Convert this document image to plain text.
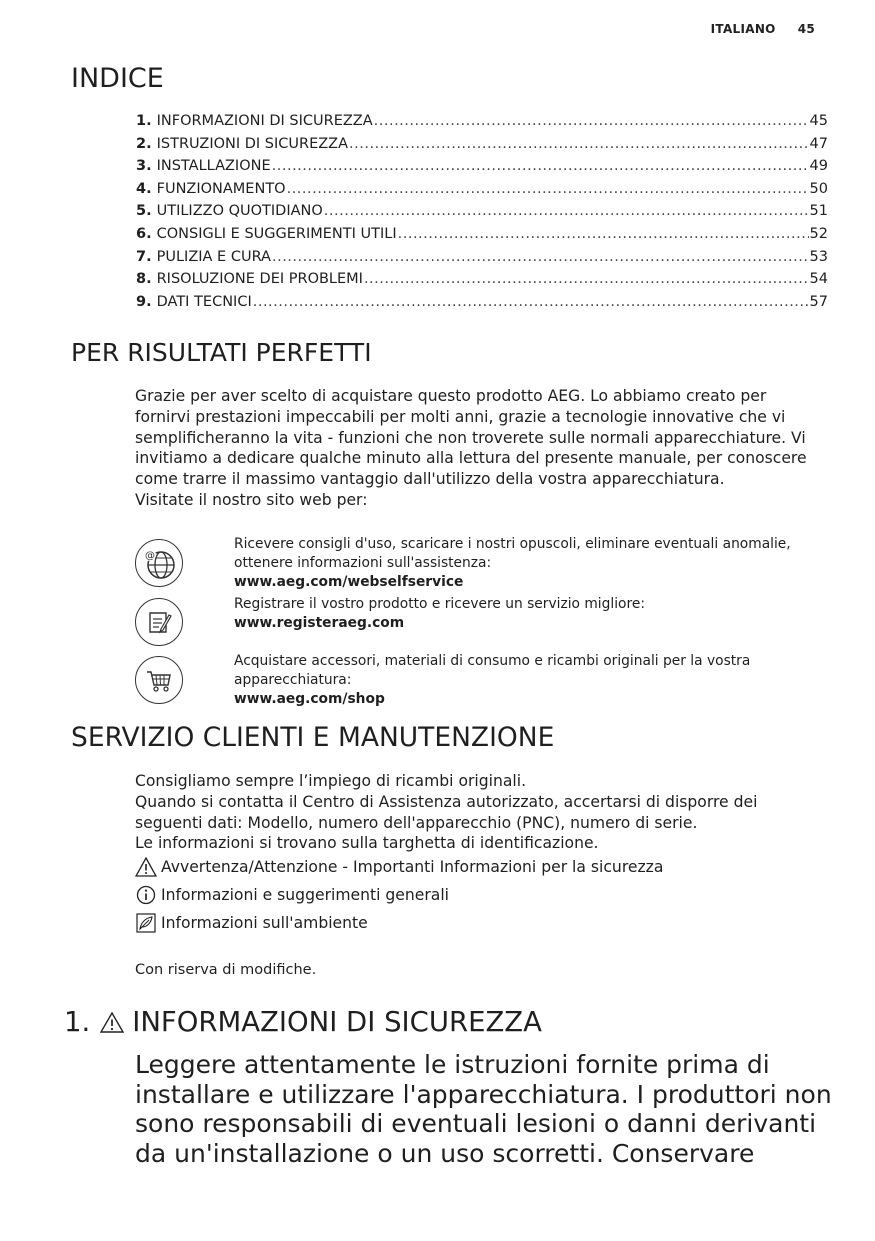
ITALIANO 45
INDICE
1. INFORMAZIONI DI SICUREZZA .....	45
2. ISTRUZIONI DI SICUREZZA .....	47
3. INSTALLAZIONE .....	49
4. FUNZIONAMENTO .....	50
5. UTILIZZO QUOTIDIANO .....	51
6. CONSIGLI E SUGGERIMENTI UTILI .....	52
7. PULIZIA E CURA .....	53
8. RISOLUZIONE DEI PROBLEMI .....	54
9. DATI TECNICI .....	57
PER RISULTATI PERFETTI
Grazie per aver scelto di acquistare questo prodotto AEG. Lo abbiamo creato per fornirvi prestazioni impeccabili per molti anni, grazie a tecnologie innovative che vi semplificheranno la vita - funzioni che non troverete sulle normali apparecchiature. Vi invitiamo a dedicare qualche minuto alla lettura del presente manuale, per conoscere come trarre il massimo vantaggio dall'utilizzo della vostra apparecchiatura.
Visitate il nostro sito web per:
@
Ricevere consigli d'uso, scaricare i nostri opuscoli, eliminare eventuali anomalie, ottenere informazioni sull'assistenza:
www.aeg.com/webselfservice
Registrare il vostro prodotto e ricevere un servizio migliore:
www.registeraeg.com
Acquistare accessori, materiali di consumo e ricambi originali per la vostra apparecchiatura:
www.aeg.com/shop
SERVIZIO CLIENTI E MANUTENZIONE
Consigliamo sempre l’impiego di ricambi originali.
Quando si contatta il Centro di Assistenza autorizzato, accertarsi di disporre dei seguenti dati: Modello, numero dell'apparecchio (PNC), numero di serie.
Le informazioni si trovano sulla targhetta di identificazione.
Avvertenza/Attenzione - Importanti Informazioni per la sicurezza
Informazioni e suggerimenti generali
Informazioni sull'ambiente
Con riserva di modifiche.
1. INFORMAZIONI DI SICUREZZA
Leggere attentamente le istruzioni fornite prima di installare e utilizzare l'apparecchiatura. I produttori non sono responsabili di eventuali lesioni o danni derivanti da un'installazione o un uso scorretti. Conservare
